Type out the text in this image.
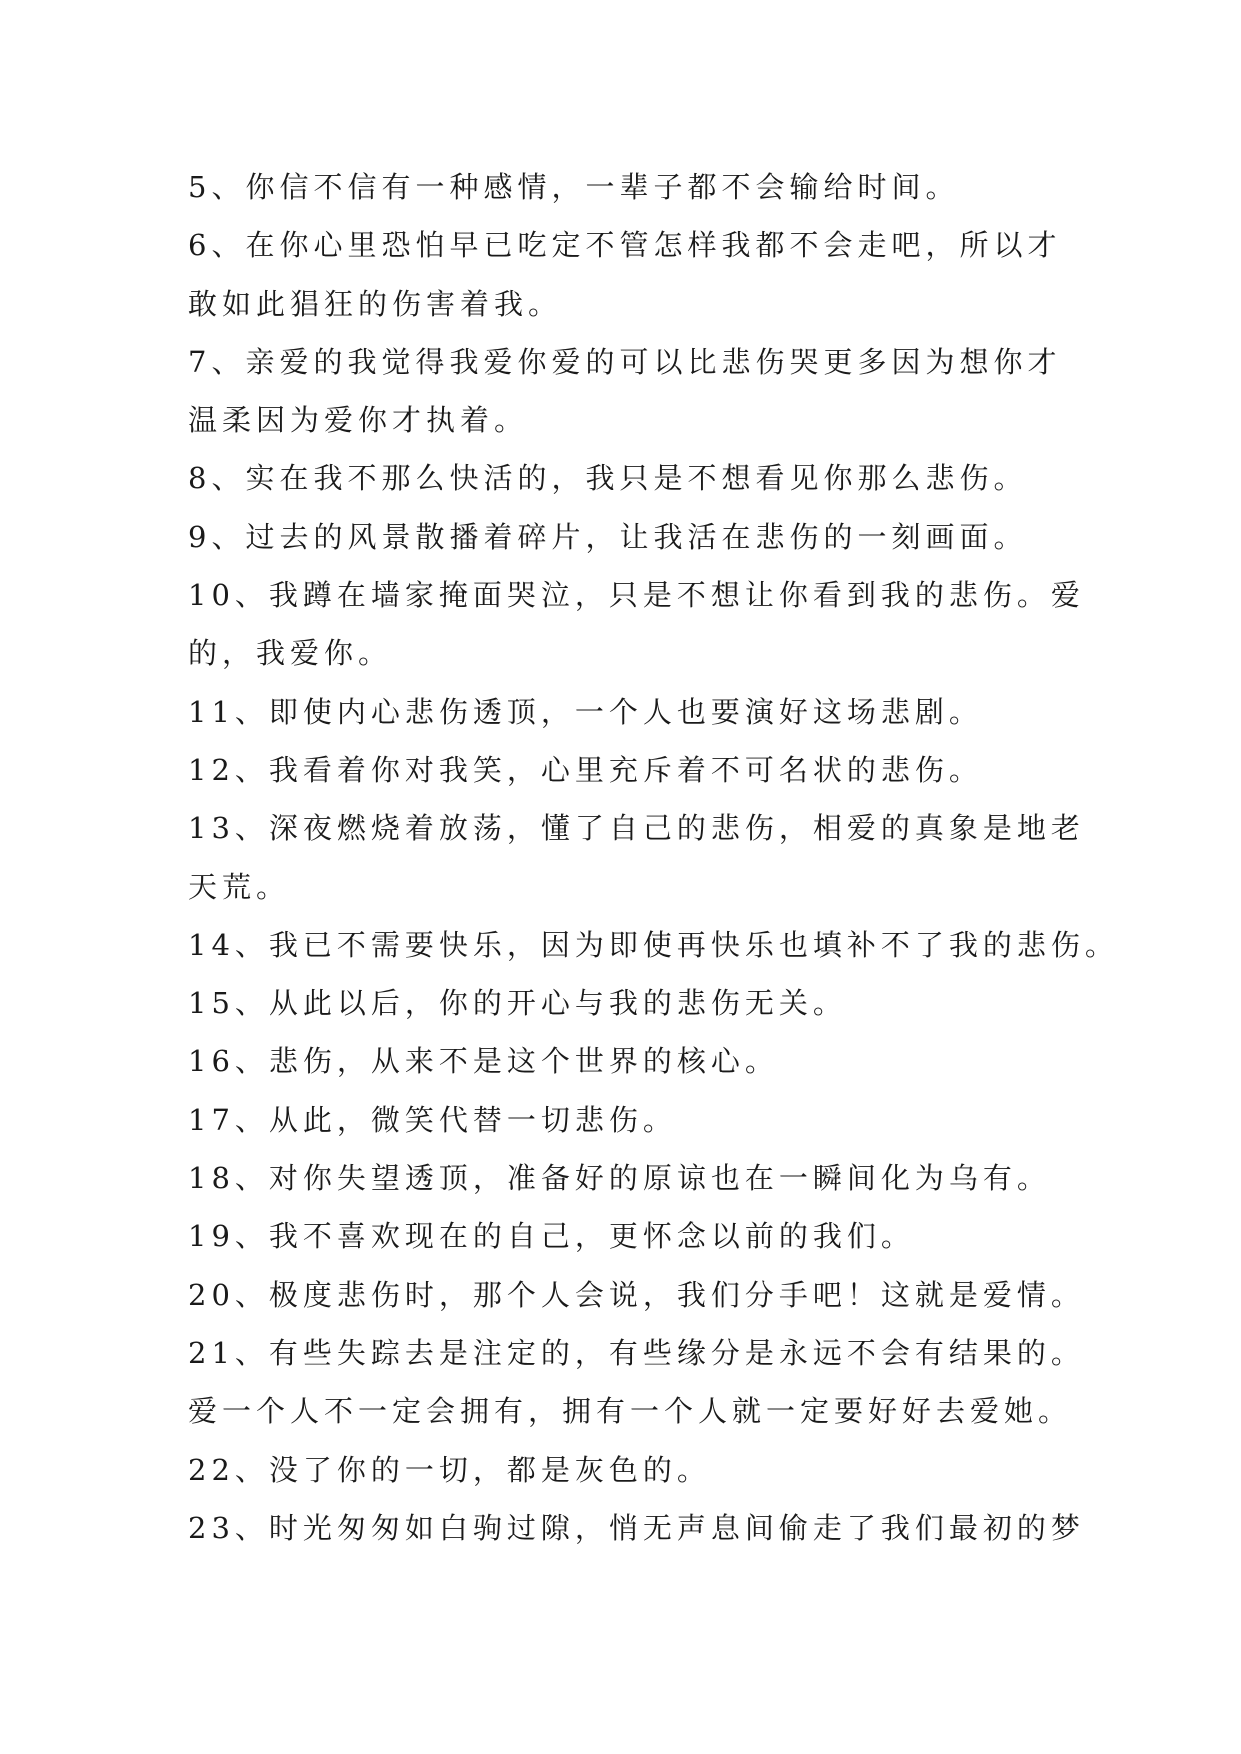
5、你信不信有一种感情，一辈子都不会输给时间。
6、在你心里恐怕早已吃定不管怎样我都不会走吧，所以才
敢如此猖狂的伤害着我。
7、亲爱的我觉得我爱你爱的可以比悲伤哭更多因为想你才
温柔因为爱你才执着。
8、实在我不那么快活的，我只是不想看见你那么悲伤。
9、过去的风景散播着碎片，让我活在悲伤的一刻画面。
10、我蹲在墙家掩面哭泣，只是不想让你看到我的悲伤。爱
的，我爱你。
11、即使内心悲伤透顶，一个人也要演好这场悲剧。
12、我看着你对我笑，心里充斥着不可名状的悲伤。
13、深夜燃烧着放荡，懂了自己的悲伤，相爱的真象是地老
天荒。
14、我已不需要快乐，因为即使再快乐也填补不了我的悲伤。
15、从此以后，你的开心与我的悲伤无关。
16、悲伤，从来不是这个世界的核心。
17、从此，微笑代替一切悲伤。
18、对你失望透顶，准备好的原谅也在一瞬间化为乌有。
19、我不喜欢现在的自己，更怀念以前的我们。
20、极度悲伤时，那个人会说，我们分手吧！这就是爱情。
21、有些失踪去是注定的，有些缘分是永远不会有结果的。
爱一个人不一定会拥有，拥有一个人就一定要好好去爱她。
22、没了你的一切，都是灰色的。
23、时光匆匆如白驹过隙，悄无声息间偷走了我们最初的梦
